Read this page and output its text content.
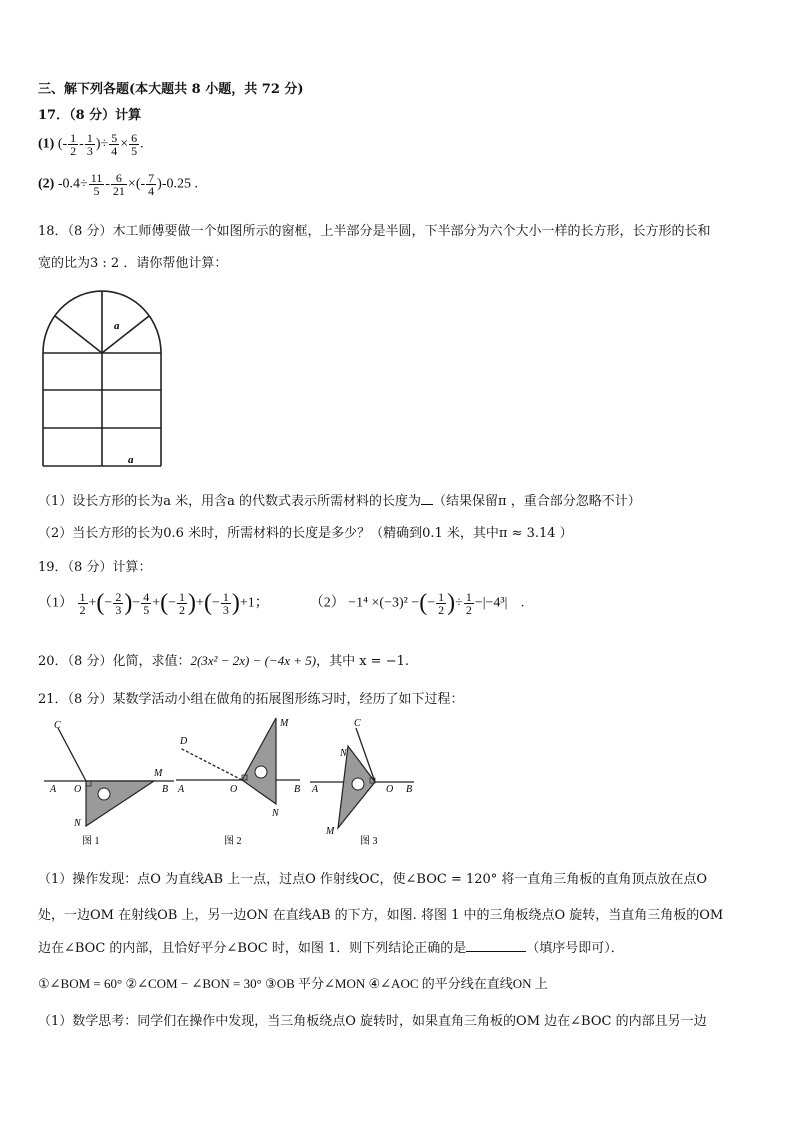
三、解下列各题(本大题共 8 小题，共 72 分)
17．（8 分）计算
(1) (- $\frac{1}{2} - \frac{1}{3}$ )÷ $\frac{5}{4} \times \frac{6}{5}$ .
(2) $-0.4\div \frac{11}{5} - \frac{6}{21}$ ×(- $\frac{7}{4} )-0.25$ .
18．（8 分）木工师傅要做一个如图所示的窗框，上半部分是半圆，下半部分为六个大小一样的长方形，长方形的长和
宽的比为3 : 2 ．请你帮他计算：
a
a
（1）设长方形的长为a 米，用含a 的代数式表示所需材料的长度为 （结果保留π ，重合部分忽略不计）
（2）当长方形的长为0.6 米时，所需材料的长度是多少？（精确到0.1 米，其中π ≈ 3.14 ）
19．（8 分）计算：
$(1) \frac{1}{2}$ +(− $\frac{2}{3}$ )− $\frac{4}{5}$ +(− $\frac{1}{2}$ )+(− $\frac{1}{3} )+1$；	（2） −1⁴ ×(−3)² −(− $\frac{1}{2}$ )÷ $\frac{1}{2} -|-4^3|$ .
20．（8 分）化简，求值：2(3x² − 2x) − (−4x + 5)，其中 x = −1.
21．（8 分）某数学活动小组在做角的拓展图形练习时，经历了如下过程：
C
A O
M
B
N
图 1
D
M
A	O	B
N
图 2
C
N
A	O B
M
图 3
（1）操作发现：点O 为直线AB 上一点，过点O 作射线OC，使∠BOC = 120° 将一直角三角板的直角顶点放在点O
处，一边OM 在射线OB 上，另一边ON 在直线AB 的下方，如图. 将图 1 中的三角板绕点O 旋转，当直角三角板的OM
边在∠BOC 的内部，且恰好平分∠BOC 时，如图 1．则下列结论正确的是	（填序号即可）．
①∠BOM = 60° ②∠COM − ∠BON = 30° ③OB 平分∠MON ④∠AOC 的平分线在直线ON 上
（1）数学思考：同学们在操作中发现，当三角板绕点O 旋转时，如果直角三角板的OM 边在∠BOC 的内部且另一边
